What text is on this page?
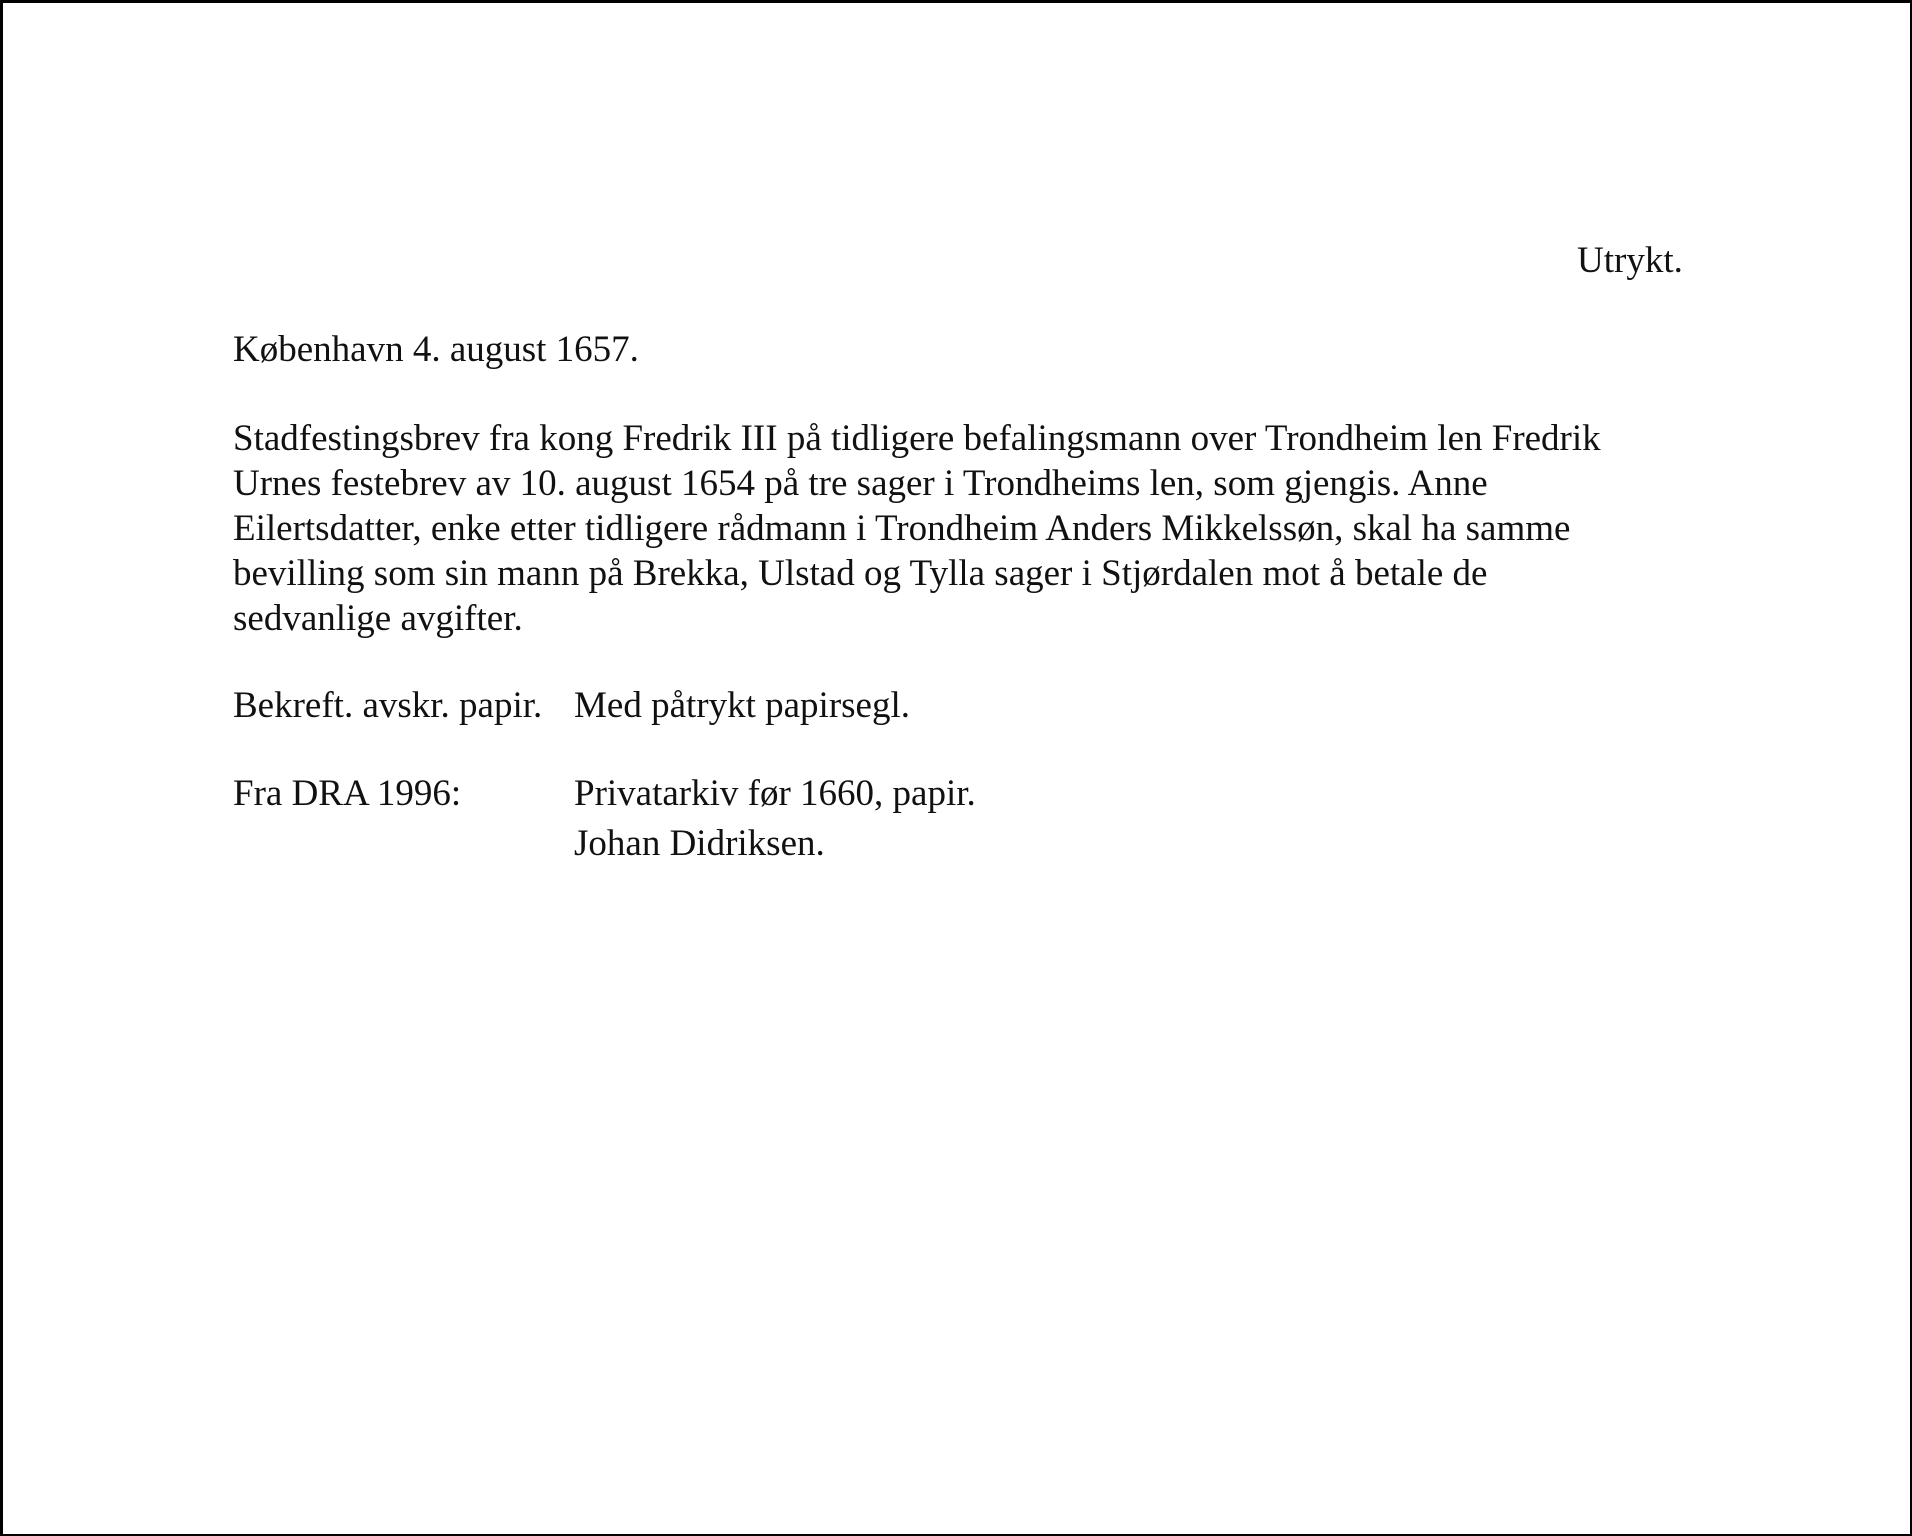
Utrykt.

København 4. august 1657.

Stadfestingsbrev fra kong Fredrik III på tidligere befalingsmann over Trondheim len Fredrik
Urnes festebrev av 10. august 1654 på tre sager i Trondheims len, som gjengis. Anne
Eilertsdatter, enke etter tidligere rådmann i Trondheim Anders Mikkelssøn, skal ha samme
bevilling som sin mann på Brekka, Ulstad og Tylla sager i Stjørdalen mot å betale de
sedvanlige avgifter.

Bekreft. avskr. papir. Med påtrykt papirsegl.

Fra DRA 1996:	Privatarkiv før 1660, papir.

Johan Didriksen.
